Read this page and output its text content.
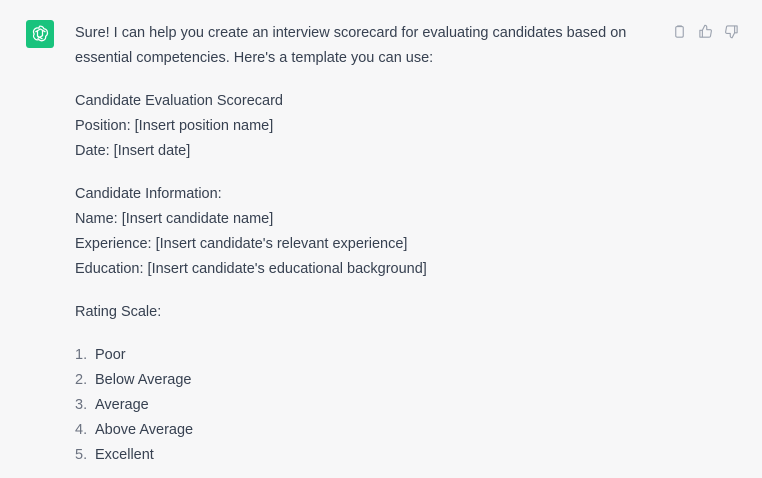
Sure! I can help you create an interview scorecard for evaluating candidates based on essential competencies. Here's a template you can use:

Candidate Evaluation Scorecard
Position: [Insert position name]
Date: [Insert date]
Candidate Information:
Name: [Insert candidate name]
Experience: [Insert candidate's relevant experience]
Education: [Insert candidate's educational background]

Rating Scale:

1. Poor
2. Below Average
3. Average
4. Above Average
5. Excellent
